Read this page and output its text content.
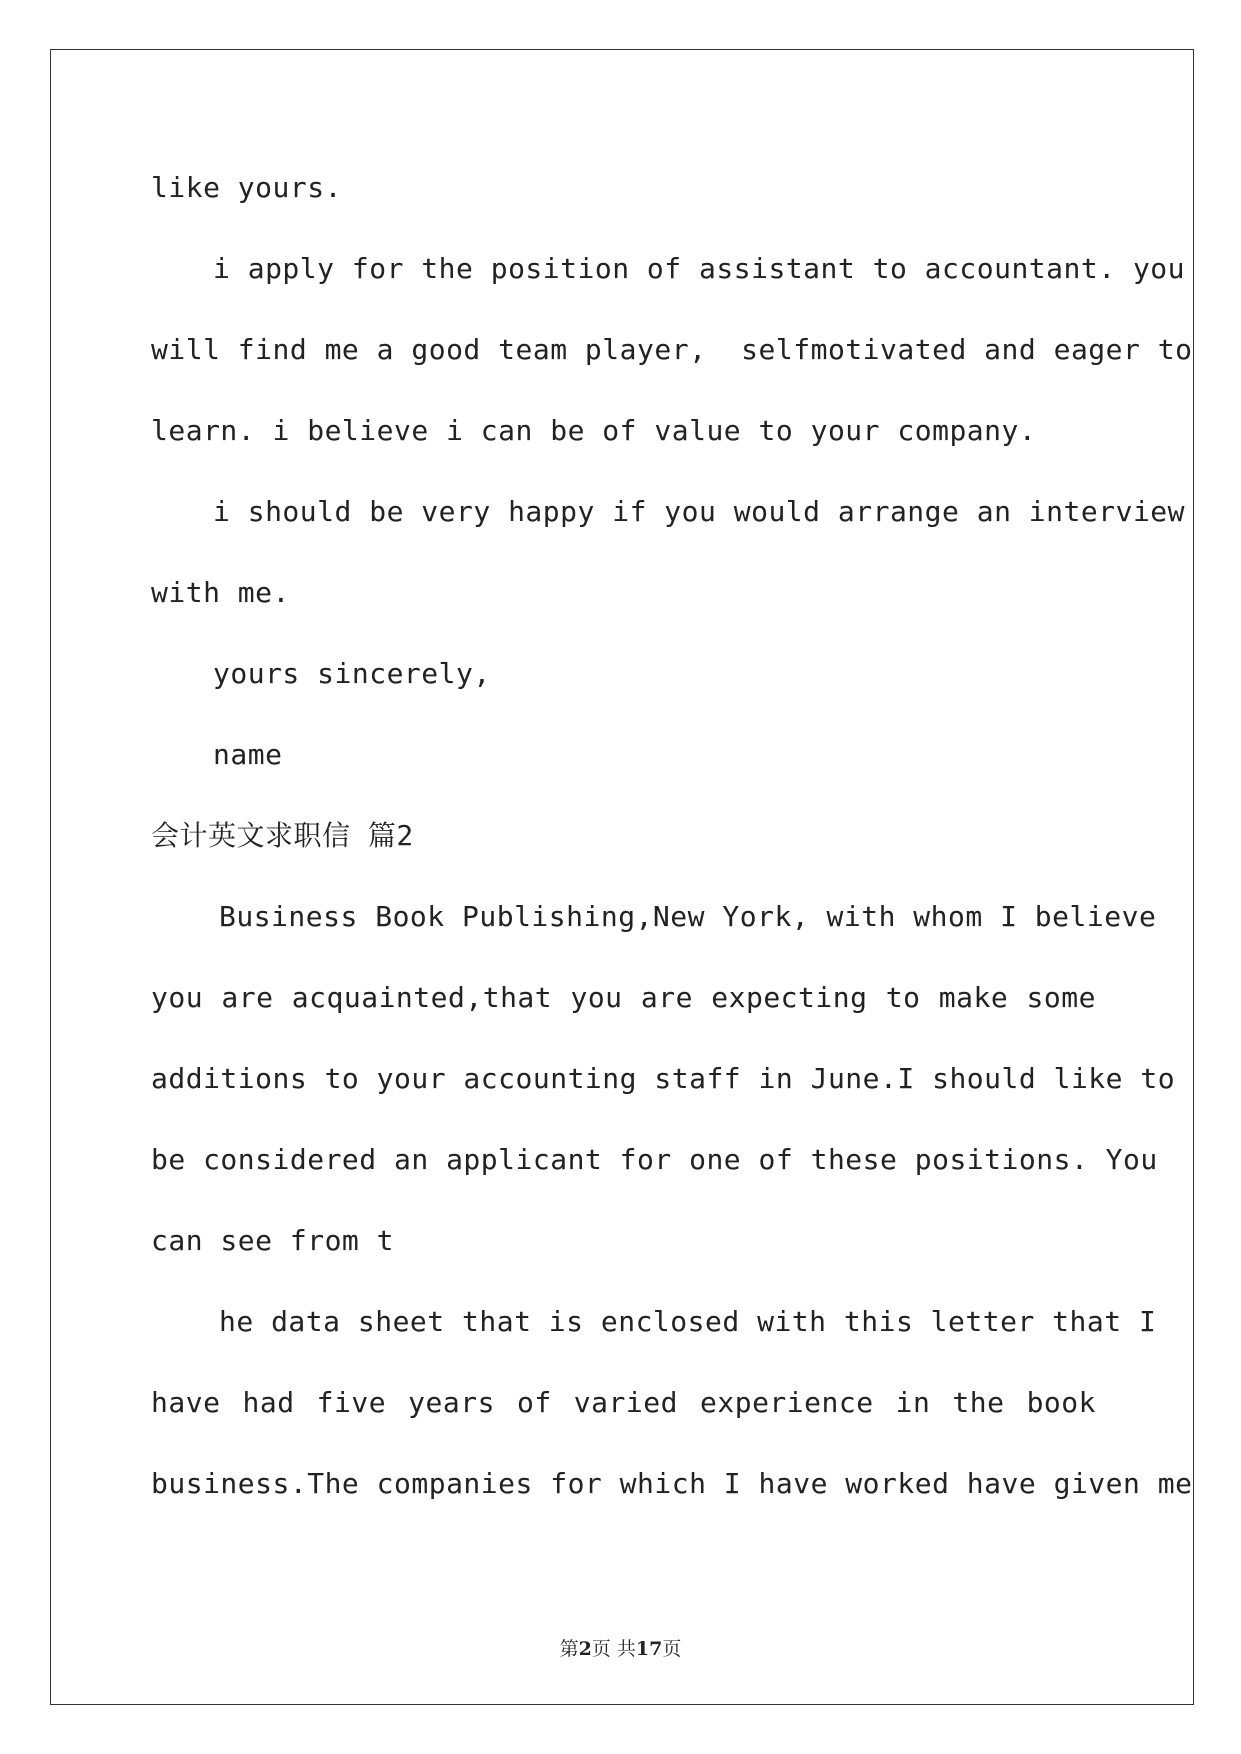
like yours.
i apply for the position of assistant to accountant. you
will find me a good team player,  selfmotivated and eager to
learn. i believe i can be of value to your company.
i should be very happy if you would arrange an interview
with me.
yours sincerely,
name
会计英文求职信 篇2
Business Book Publishing,New York, with whom I believe
you are acquainted,that you are expecting to make some
additions to your accounting staff in June.I should like to
be considered an applicant for one of these positions. You
can see from t
he data sheet that is enclosed with this letter that I
have had five years of varied experience in the book
business.The companies for which I have worked have given me
第2页 共17页
